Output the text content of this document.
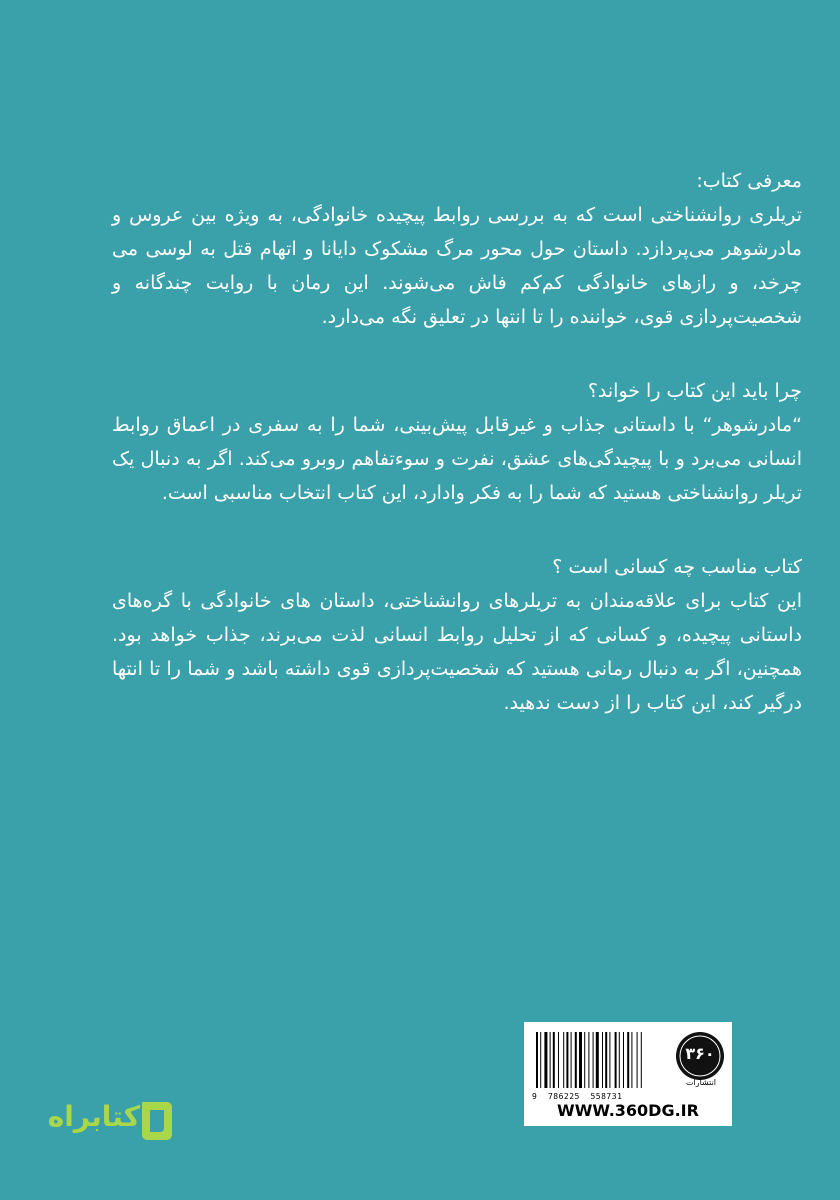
معرفی کتاب:

تریلری روانشناختی است که به بررسی روابط پیچیده خانوادگی، به ویژه بین عروس و مادرشوهر می‌پردازد. داستان حول محور مرگ مشکوک دایانا و اتهام قتل به لوسی می چرخد، و رازهای خانوادگی کم‌کم فاش می‌شوند. این رمان با روایت چندگانه و شخصیت‌پردازی قوی، خواننده را تا انتها در تعلیق نگه می‌دارد.

چرا باید این کتاب را خواند؟

“مادرشوهر“ با داستانی جذاب و غیرقابل پیش‌بینی، شما را به سفری در اعماق روابط انسانی می‌برد و با پیچیدگی‌های عشق، نفرت و سوءتفاهم روبرو می‌کند. اگر به دنبال یک تریلر روانشناختی هستید که شما را به فکر وادارد، این کتاب انتخاب مناسبی است.

کتاب مناسب چه کسانی است ؟

این کتاب برای علاقه‌مندان به تریلرهای روانشناختی، داستان های خانوادگی با گره‌های داستانی پیچیده، و کسانی که از تحلیل روابط انسانی لذت می‌برند، جذاب خواهد بود. همچنین، اگر به دنبال رمانی هستید که شخصیت‌پردازی قوی داشته باشد و شما را تا انتها درگیر کند، این کتاب را از دست ندهید.

9  786225  558731
۳۶۰
انتشارات
WWW.360DG.IR
کتابراه
